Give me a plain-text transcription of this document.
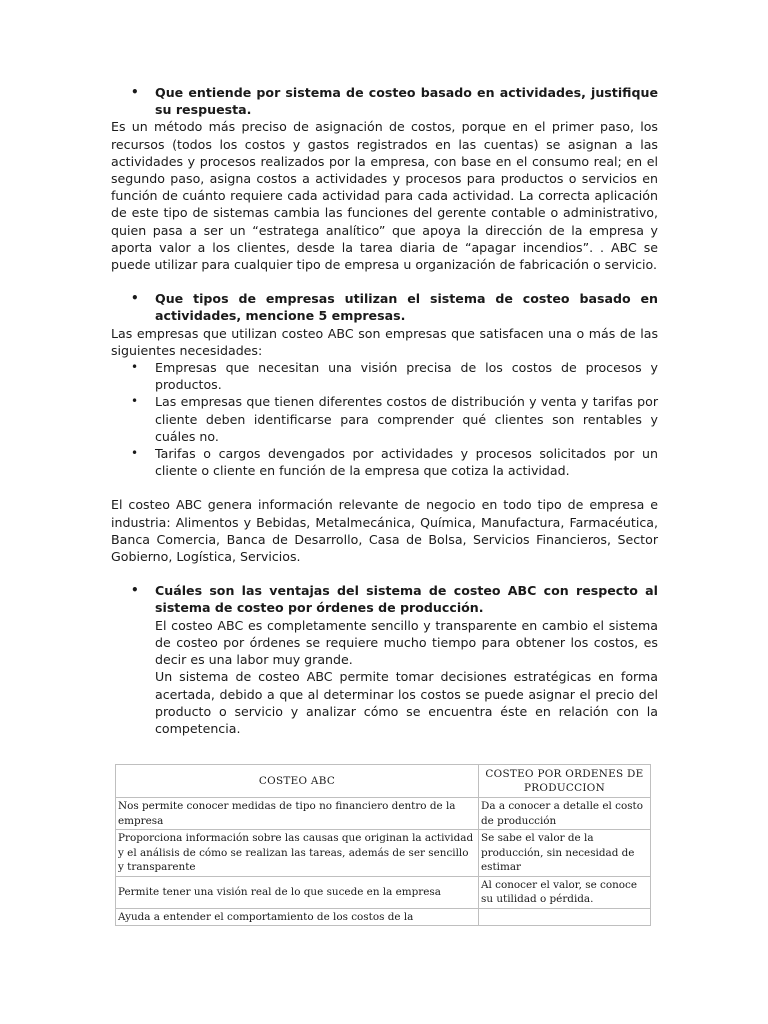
• Que entiende por sistema de costeo basado en actividades, justifique su respuesta.

Es un método más preciso de asignación de costos, porque en el primer paso, los recursos (todos los costos y gastos registrados en las cuentas) se asignan a las actividades y procesos realizados por la empresa, con base en el consumo real; en el segundo paso, asigna costos a actividades y procesos para productos o servicios en función de cuánto requiere cada actividad para cada actividad. La correcta aplicación de este tipo de sistemas cambia las funciones del gerente contable o administrativo, quien pasa a ser un “estratega analítico” que apoya la dirección de la empresa y aporta valor a los clientes, desde la tarea diaria de “apagar incendios”. . ABC se puede utilizar para cualquier tipo de empresa u organización de fabricación o servicio.

• Que tipos de empresas utilizan el sistema de costeo basado en actividades, mencione 5 empresas.

Las empresas que utilizan costeo ABC son empresas que satisfacen una o más de las siguientes necesidades:

• Empresas que necesitan una visión precisa de los costos de procesos y productos.
• Las empresas que tienen diferentes costos de distribución y venta y tarifas por cliente deben identificarse para comprender qué clientes son rentables y cuáles no.
• Tarifas o cargos devengados por actividades y procesos solicitados por un cliente o cliente en función de la empresa que cotiza la actividad.

El costeo ABC genera información relevante de negocio en todo tipo de empresa e industria: Alimentos y Bebidas, Metalmecánica, Química, Manufactura, Farmacéutica, Banca Comercia, Banca de Desarrollo, Casa de Bolsa, Servicios Financieros, Sector Gobierno, Logística, Servicios.

• Cuáles son las ventajas del sistema de costeo ABC con respecto al sistema de costeo por órdenes de producción.

El costeo ABC es completamente sencillo y transparente en cambio el sistema de costeo por órdenes se requiere mucho tiempo para obtener los costos, es decir es una labor muy grande.

Un sistema de costeo ABC permite tomar decisiones estratégicas en forma acertada, debido a que al determinar los costos se puede asignar el precio del producto o servicio y analizar cómo se encuentra éste en relación con la competencia.

COSTEO ABC	COSTEO POR ORDENES DE PRODUCCION
Nos permite conocer medidas de tipo no financiero dentro de la empresa	Da a conocer a detalle el costo de producción
Proporciona información sobre las causas que originan la actividad y el análisis de cómo se realizan las tareas, además de ser sencillo y transparente	Se sabe el valor de la producción, sin necesidad de estimar
Permite tener una visión real de lo que sucede en la empresa	Al conocer el valor, se conoce su utilidad o pérdida.
Ayuda a entender el comportamiento de los costos de la	
